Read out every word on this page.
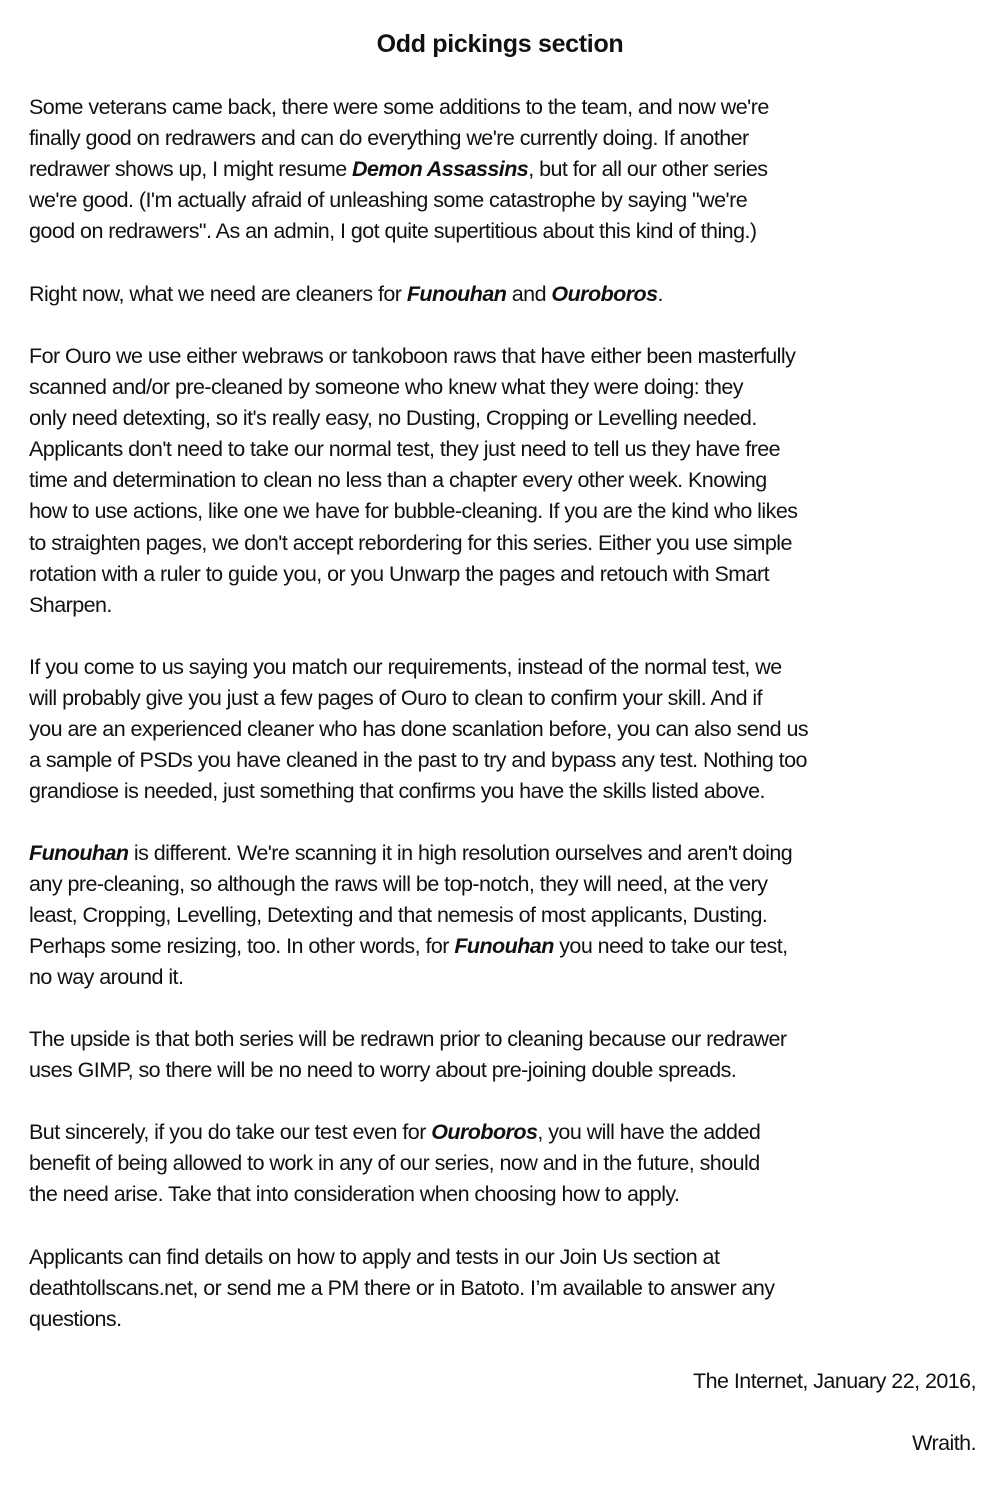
Odd pickings section
Some veterans came back, there were some additions to the team, and now we're
finally good on redrawers and can do everything we're currently doing. If another
redrawer shows up, I might resume Demon Assassins, but for all our other series
we're good. (I'm actually afraid of unleashing some catastrophe by saying "we're
good on redrawers". As an admin, I got quite supertitious about this kind of thing.)
Right now, what we need are cleaners for Funouhan and Ouroboros.
For Ouro we use either webraws or tankoboon raws that have either been masterfully
scanned and/or pre-cleaned by someone who knew what they were doing: they
only need detexting, so it's really easy, no Dusting, Cropping or Levelling needed.
Applicants don't need to take our normal test, they just need to tell us they have free
time and determination to clean no less than a chapter every other week. Knowing
how to use actions, like one we have for bubble-cleaning. If you are the kind who likes
to straighten pages, we don't accept rebordering for this series. Either you use simple
rotation with a ruler to guide you, or you Unwarp the pages and retouch with Smart
Sharpen.
If you come to us saying you match our requirements, instead of the normal test, we
will probably give you just a few pages of Ouro to clean to confirm your skill. And if
you are an experienced cleaner who has done scanlation before, you can also send us
a sample of PSDs you have cleaned in the past to try and bypass any test. Nothing too
grandiose is needed, just something that confirms you have the skills listed above.
Funouhan is different. We're scanning it in high resolution ourselves and aren't doing
any pre-cleaning, so although the raws will be top-notch, they will need, at the very
least, Cropping, Levelling, Detexting and that nemesis of most applicants, Dusting.
Perhaps some resizing, too. In other words, for Funouhan you need to take our test,
no way around it.
The upside is that both series will be redrawn prior to cleaning because our redrawer
uses GIMP, so there will be no need to worry about pre-joining double spreads.
But sincerely, if you do take our test even for Ouroboros, you will have the added
benefit of being allowed to work in any of our series, now and in the future, should
the need arise. Take that into consideration when choosing how to apply.
Applicants can find details on how to apply and tests in our Join Us section at
deathtollscans.net, or send me a PM there or in Batoto. I’m available to answer any
questions.
The Internet, January 22, 2016,
Wraith.
